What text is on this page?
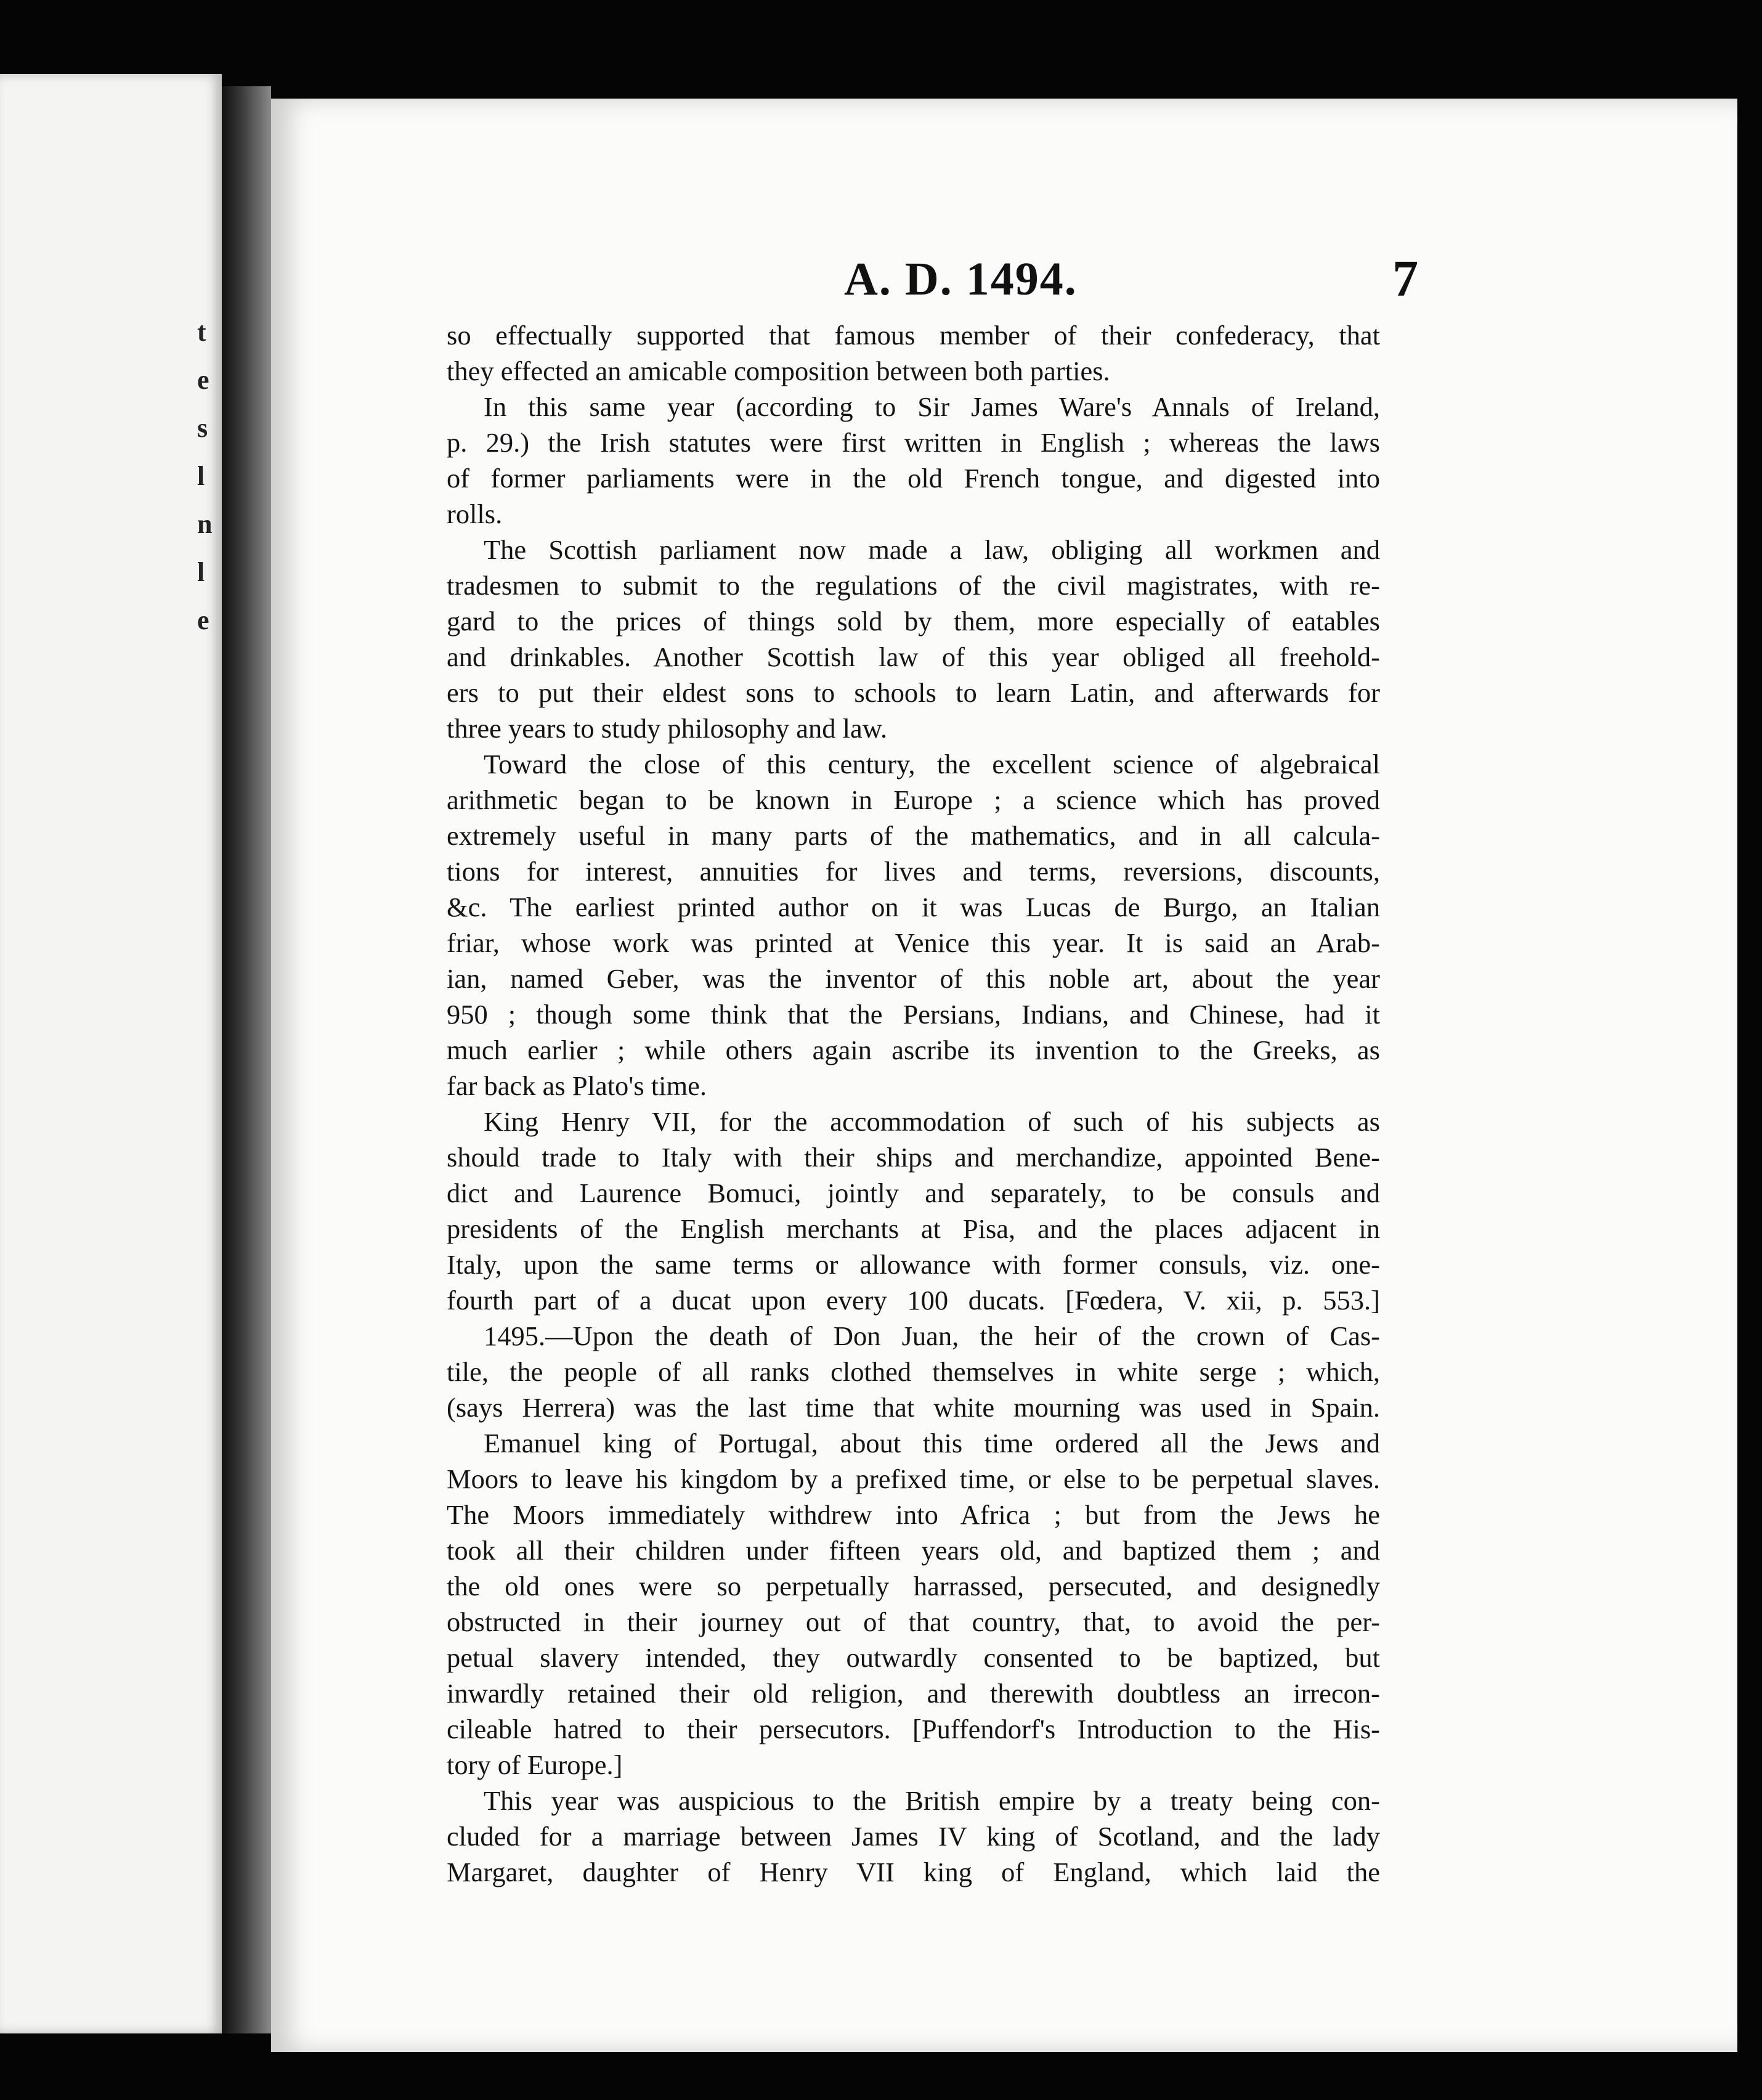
t
e
s
l
n
l
e
A. D. 1494.	7
so effectually supported that famous member of their confederacy, that
they effected an amicable composition between both parties.
In this same year (according to Sir James Ware's Annals of Ireland,
p. 29.) the Irish statutes were first written in English ; whereas the laws
of former parliaments were in the old French tongue, and digested into
rolls.
The Scottish parliament now made a law, obliging all workmen and
tradesmen to submit to the regulations of the civil magistrates, with re-
gard to the prices of things sold by them, more especially of eatables
and drinkables. Another Scottish law of this year obliged all freehold-
ers to put their eldest sons to schools to learn Latin, and afterwards for
three years to study philosophy and law.
Toward the close of this century, the excellent science of algebraical
arithmetic began to be known in Europe ; a science which has proved
extremely useful in many parts of the mathematics, and in all calcula-
tions for interest, annuities for lives and terms, reversions, discounts,
&c. The earliest printed author on it was Lucas de Burgo, an Italian
friar, whose work was printed at Venice this year. It is said an Arab-
ian, named Geber, was the inventor of this noble art, about the year
950 ; though some think that the Persians, Indians, and Chinese, had it
much earlier ; while others again ascribe its invention to the Greeks, as
far back as Plato's time.
King Henry VII, for the accommodation of such of his subjects as
should trade to Italy with their ships and merchandize, appointed Bene-
dict and Laurence Bomuci, jointly and separately, to be consuls and
presidents of the English merchants at Pisa, and the places adjacent in
Italy, upon the same terms or allowance with former consuls, viz. one-
fourth part of a ducat upon every 100 ducats. [Fœdera, V. xii, p. 553.]
1495.—Upon the death of Don Juan, the heir of the crown of Cas-
tile, the people of all ranks clothed themselves in white serge ; which,
(says Herrera) was the last time that white mourning was used in Spain.
Emanuel king of Portugal, about this time ordered all the Jews and
Moors to leave his kingdom by a prefixed time, or else to be perpetual slaves.
The Moors immediately withdrew into Africa ; but from the Jews he
took all their children under fifteen years old, and baptized them ; and
the old ones were so perpetually harrassed, persecuted, and designedly
obstructed in their journey out of that country, that, to avoid the per-
petual slavery intended, they outwardly consented to be baptized, but
inwardly retained their old religion, and therewith doubtless an irrecon-
cileable hatred to their persecutors. [Puffendorf's Introduction to the His-
tory of Europe.]
This year was auspicious to the British empire by a treaty being con-
cluded for a marriage between James IV king of Scotland, and the lady
Margaret, daughter of Henry VII king of England, which laid the
